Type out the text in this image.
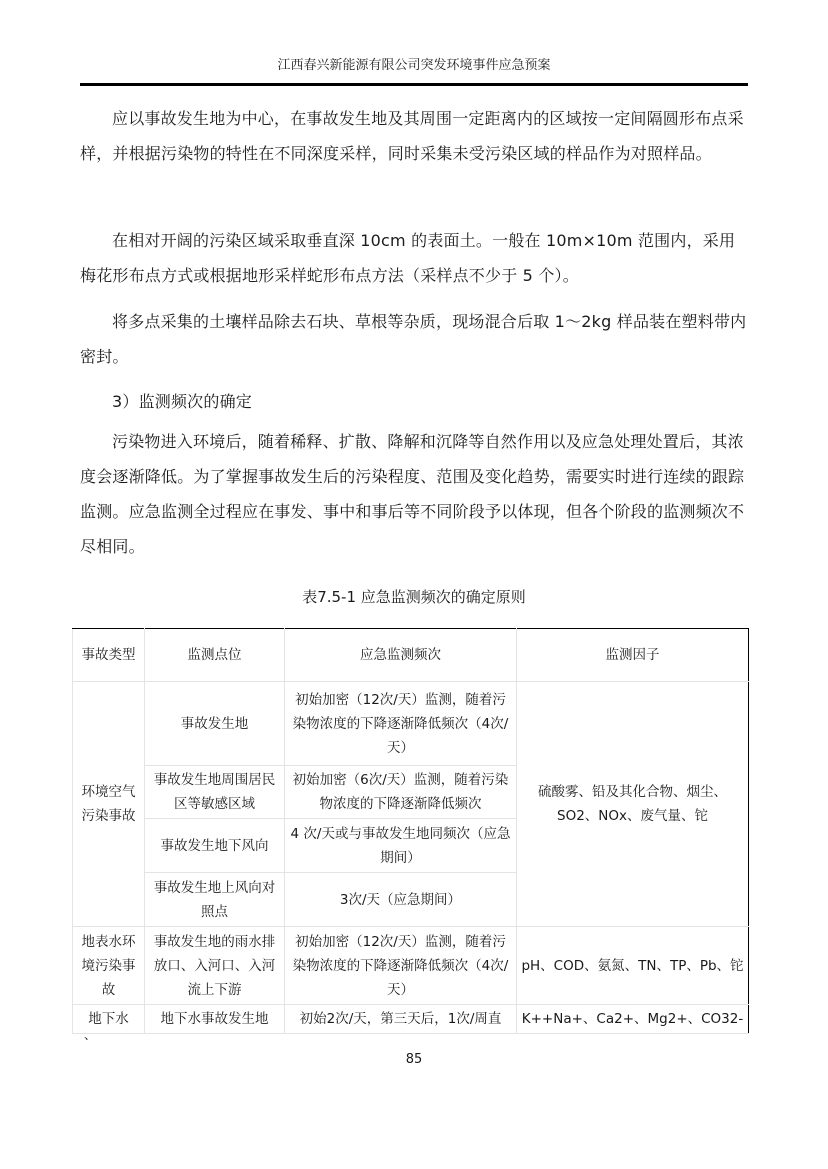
江西春兴新能源有限公司突发环境事件应急预案

应以事故发生地为中心，在事故发生地及其周围一定距离内的区域按一定间隔圆形布点采样，并根据污染物的特性在不同深度采样，同时采集未受污染区域的样品作为对照样品。

在相对开阔的污染区域采取垂直深 10cm 的表面土。一般在 10m×10m 范围内，采用梅花形布点方式或根据地形采样蛇形布点方法（采样点不少于 5 个）。

将多点采集的土壤样品除去石块、草根等杂质，现场混合后取 1～2kg 样品装在塑料带内密封。

3）监测频次的确定

污染物进入环境后，随着稀释、扩散、降解和沉降等自然作用以及应急处理处置后，其浓度会逐渐降低。为了掌握事故发生后的污染程度、范围及变化趋势，需要实时进行连续的跟踪监测。应急监测全过程应在事发、事中和事后等不同阶段予以体现，但各个阶段的监测频次不尽相同。

表7.5-1 应急监测频次的确定原则
事故类型	监测点位	应急监测频次	监测因子
环境空气污染事故	事故发生地	初始加密（12次/天）监测，随着污染物浓度的下降逐渐降低频次（4次/天）	硫酸雾、铅及其化合物、烟尘、SO2、NOx、废气量、铊
	事故发生地周围居民区等敏感区域	初始加密（6次/天）监测，随着污染物浓度的下降逐渐降低频次	
	事故发生地下风向	4 次/天或与事故发生地同频次（应急期间）	
	事故发生地上风向对照点	3次/天（应急期间）	
地表水环境污染事故	事故发生地的雨水排放口、入河口、入河流上下游	初始加密（12次/天）监测，随着污染物浓度的下降逐渐降低频次（4次/天）	pH、COD、氨氮、TN、TP、Pb、铊
地下水	地下水事故发生地	初始2次/天，第三天后，1次/周直	K++Na+、Ca2+、Mg2+、CO32-
、
85
